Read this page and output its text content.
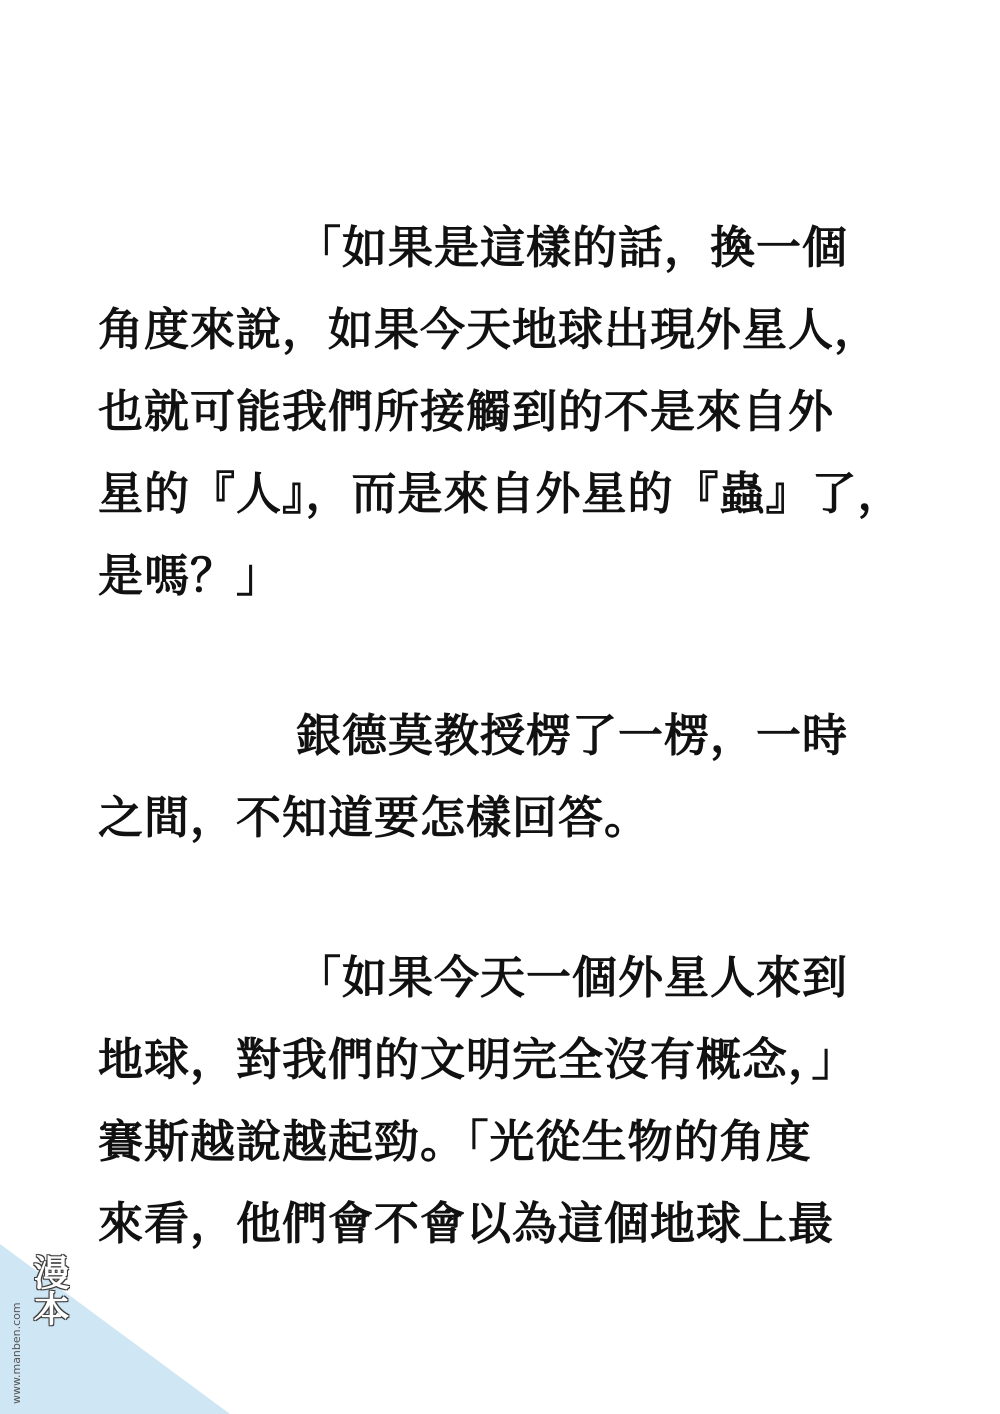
「如果是這樣的話，換一個
角度來說，如果今天地球出現外星人，
也就可能我們所接觸到的不是來自外
星的『人』，而是來自外星的『蟲』了，
是嗎？」
銀德莫教授楞了一楞，一時
之間，不知道要怎樣回答。
「如果今天一個外星人來到
地球，對我們的文明完全沒有概念，」
賽斯越說越起勁。「光從生物的角度
來看，他們會不會以為這個地球上最
www.manben.com
漫本
